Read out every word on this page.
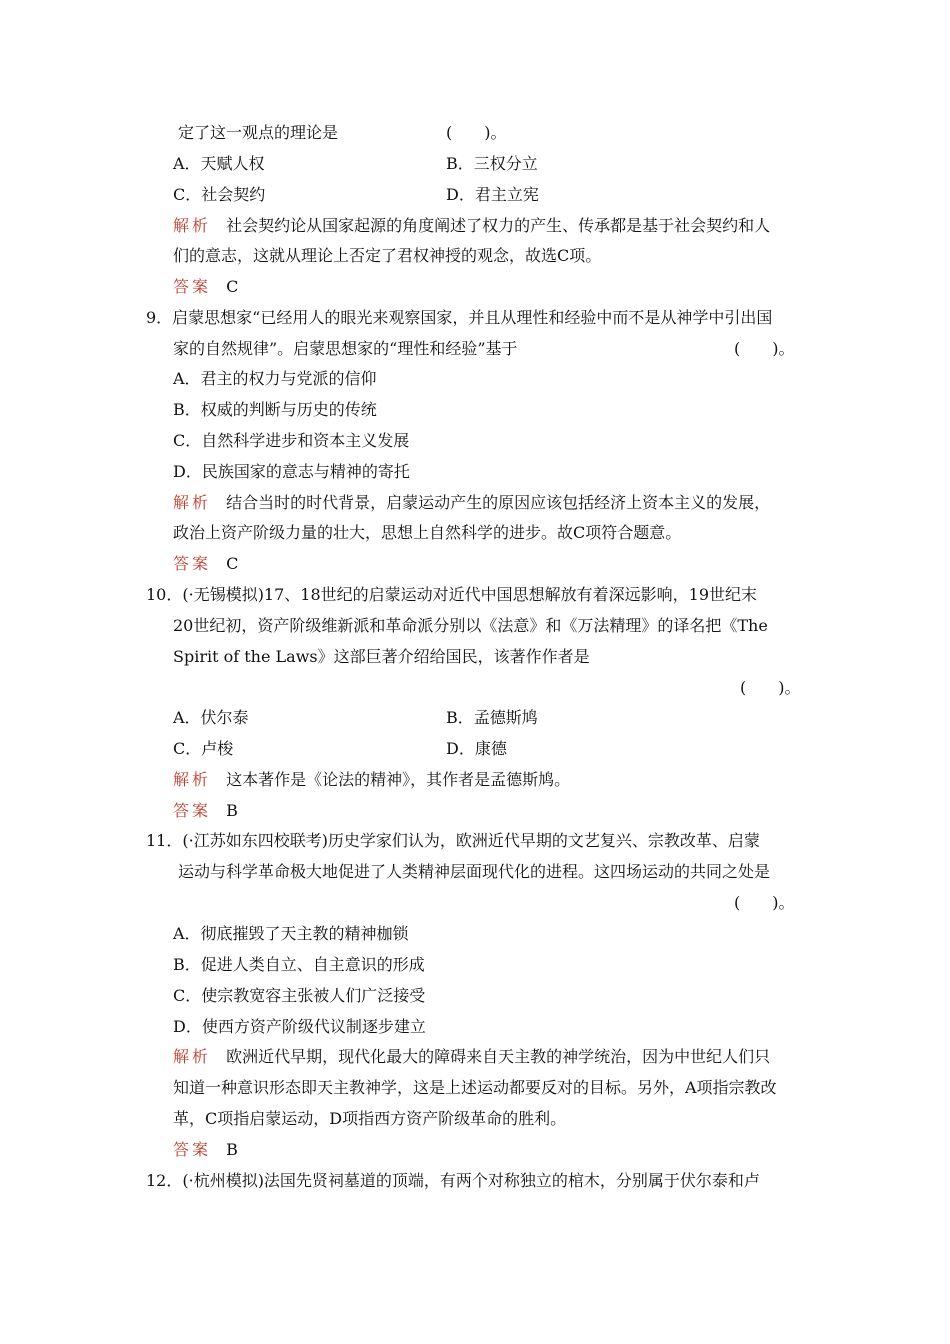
定了这一观点的理论是	(　　)。
A．天赋人权	B．三权分立
C．社会契约	D．君主立宪
解析 社会契约论从国家起源的角度阐述了权力的产生、传承都是基于社会契约和人
们的意志，这就从理论上否定了君权神授的观念，故选C项。
答案 C
9．启蒙思想家“已经用人的眼光来观察国家，并且从理性和经验中而不是从神学中引出国
家的自然规律”。启蒙思想家的“理性和经验”基于	(　　)。
A．君主的权力与党派的信仰
B．权威的判断与历史的传统
C．自然科学进步和资本主义发展
D．民族国家的意志与精神的寄托
解析 结合当时的时代背景，启蒙运动产生的原因应该包括经济上资本主义的发展，
政治上资产阶级力量的壮大，思想上自然科学的进步。故C项符合题意。
答案 C
10．(·无锡模拟)17、18世纪的启蒙运动对近代中国思想解放有着深远影响，19世纪末
20世纪初，资产阶级维新派和革命派分别以《法意》和《万法精理》的译名把《The
Spirit of the Laws》这部巨著介绍给国民，该著作作者是
(　　)。
A．伏尔泰	B．孟德斯鸠
C．卢梭	D．康德
解析 这本著作是《论法的精神》，其作者是孟德斯鸠。
答案 B
11．(·江苏如东四校联考)历史学家们认为，欧洲近代早期的文艺复兴、宗教改革、启蒙
运动与科学革命极大地促进了人类精神层面现代化的进程。这四场运动的共同之处是
(　　)。
A．彻底摧毁了天主教的精神枷锁
B．促进人类自立、自主意识的形成
C．使宗教宽容主张被人们广泛接受
D．使西方资产阶级代议制逐步建立
解析 欧洲近代早期，现代化最大的障碍来自天主教的神学统治，因为中世纪人们只
知道一种意识形态即天主教神学，这是上述运动都要反对的目标。另外，A项指宗教改
革，C项指启蒙运动，D项指西方资产阶级革命的胜利。
答案 B
12．(·杭州模拟)法国先贤祠墓道的顶端，有两个对称独立的棺木，分别属于伏尔泰和卢
